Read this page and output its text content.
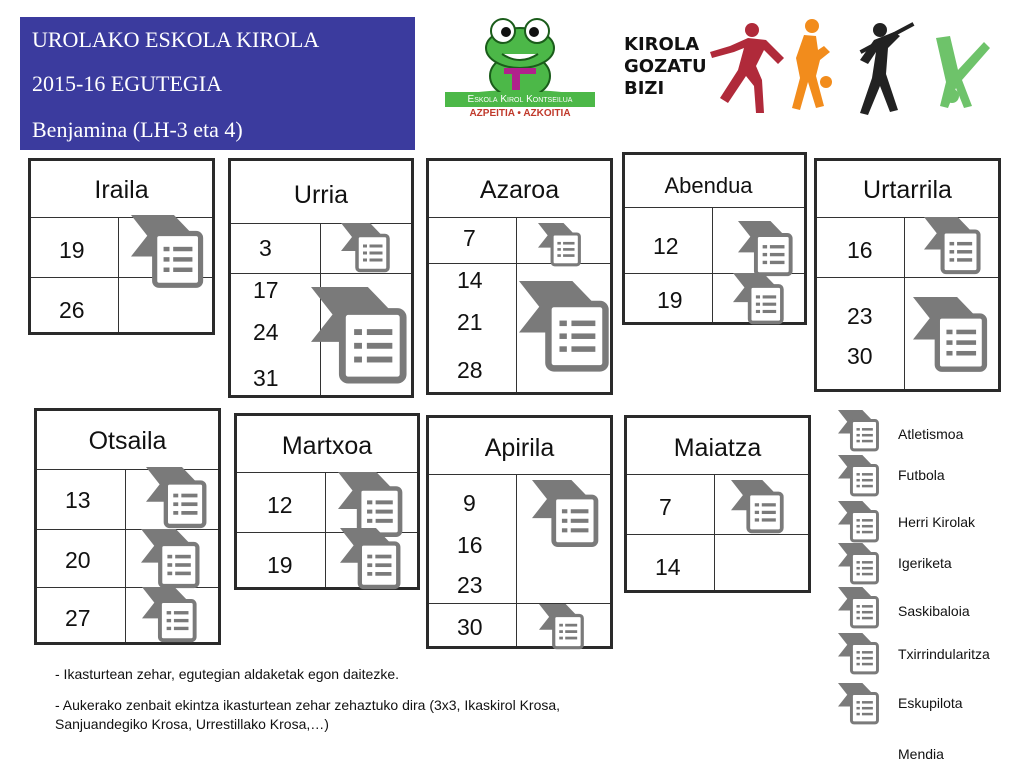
UROLAKO ESKOLA KIROLA
2015-16 EGUTEGIA
Benjamina (LH-3 eta 4)
Eskola Kirol Kontseilua
AZPEITIA • AZKOITIA
KIROLA
GOZATU
BIZI
Iraila
19
26
Urria
3
17
24
31
Azaroa
7
14
21
28
Abendua
12
19
Urtarrila
16
23
30
Otsaila
13
20
27
Martxoa
12
19
Apirila
9
16
23
30
Maiatza
7
14
Atletismoa
Futbola
Herri Kirolak
Igeriketa
Saskibaloia
Txirrindularitza
Eskupilota
Mendia
- Ikasturtean zehar, egutegian aldaketak egon daitezke.
- Aukerako zenbait ekintza ikasturtean zehar zehaztuko dira (3x3, Ikaskirol Krosa,
Sanjuandegiko Krosa, Urrestillako Krosa,…)
